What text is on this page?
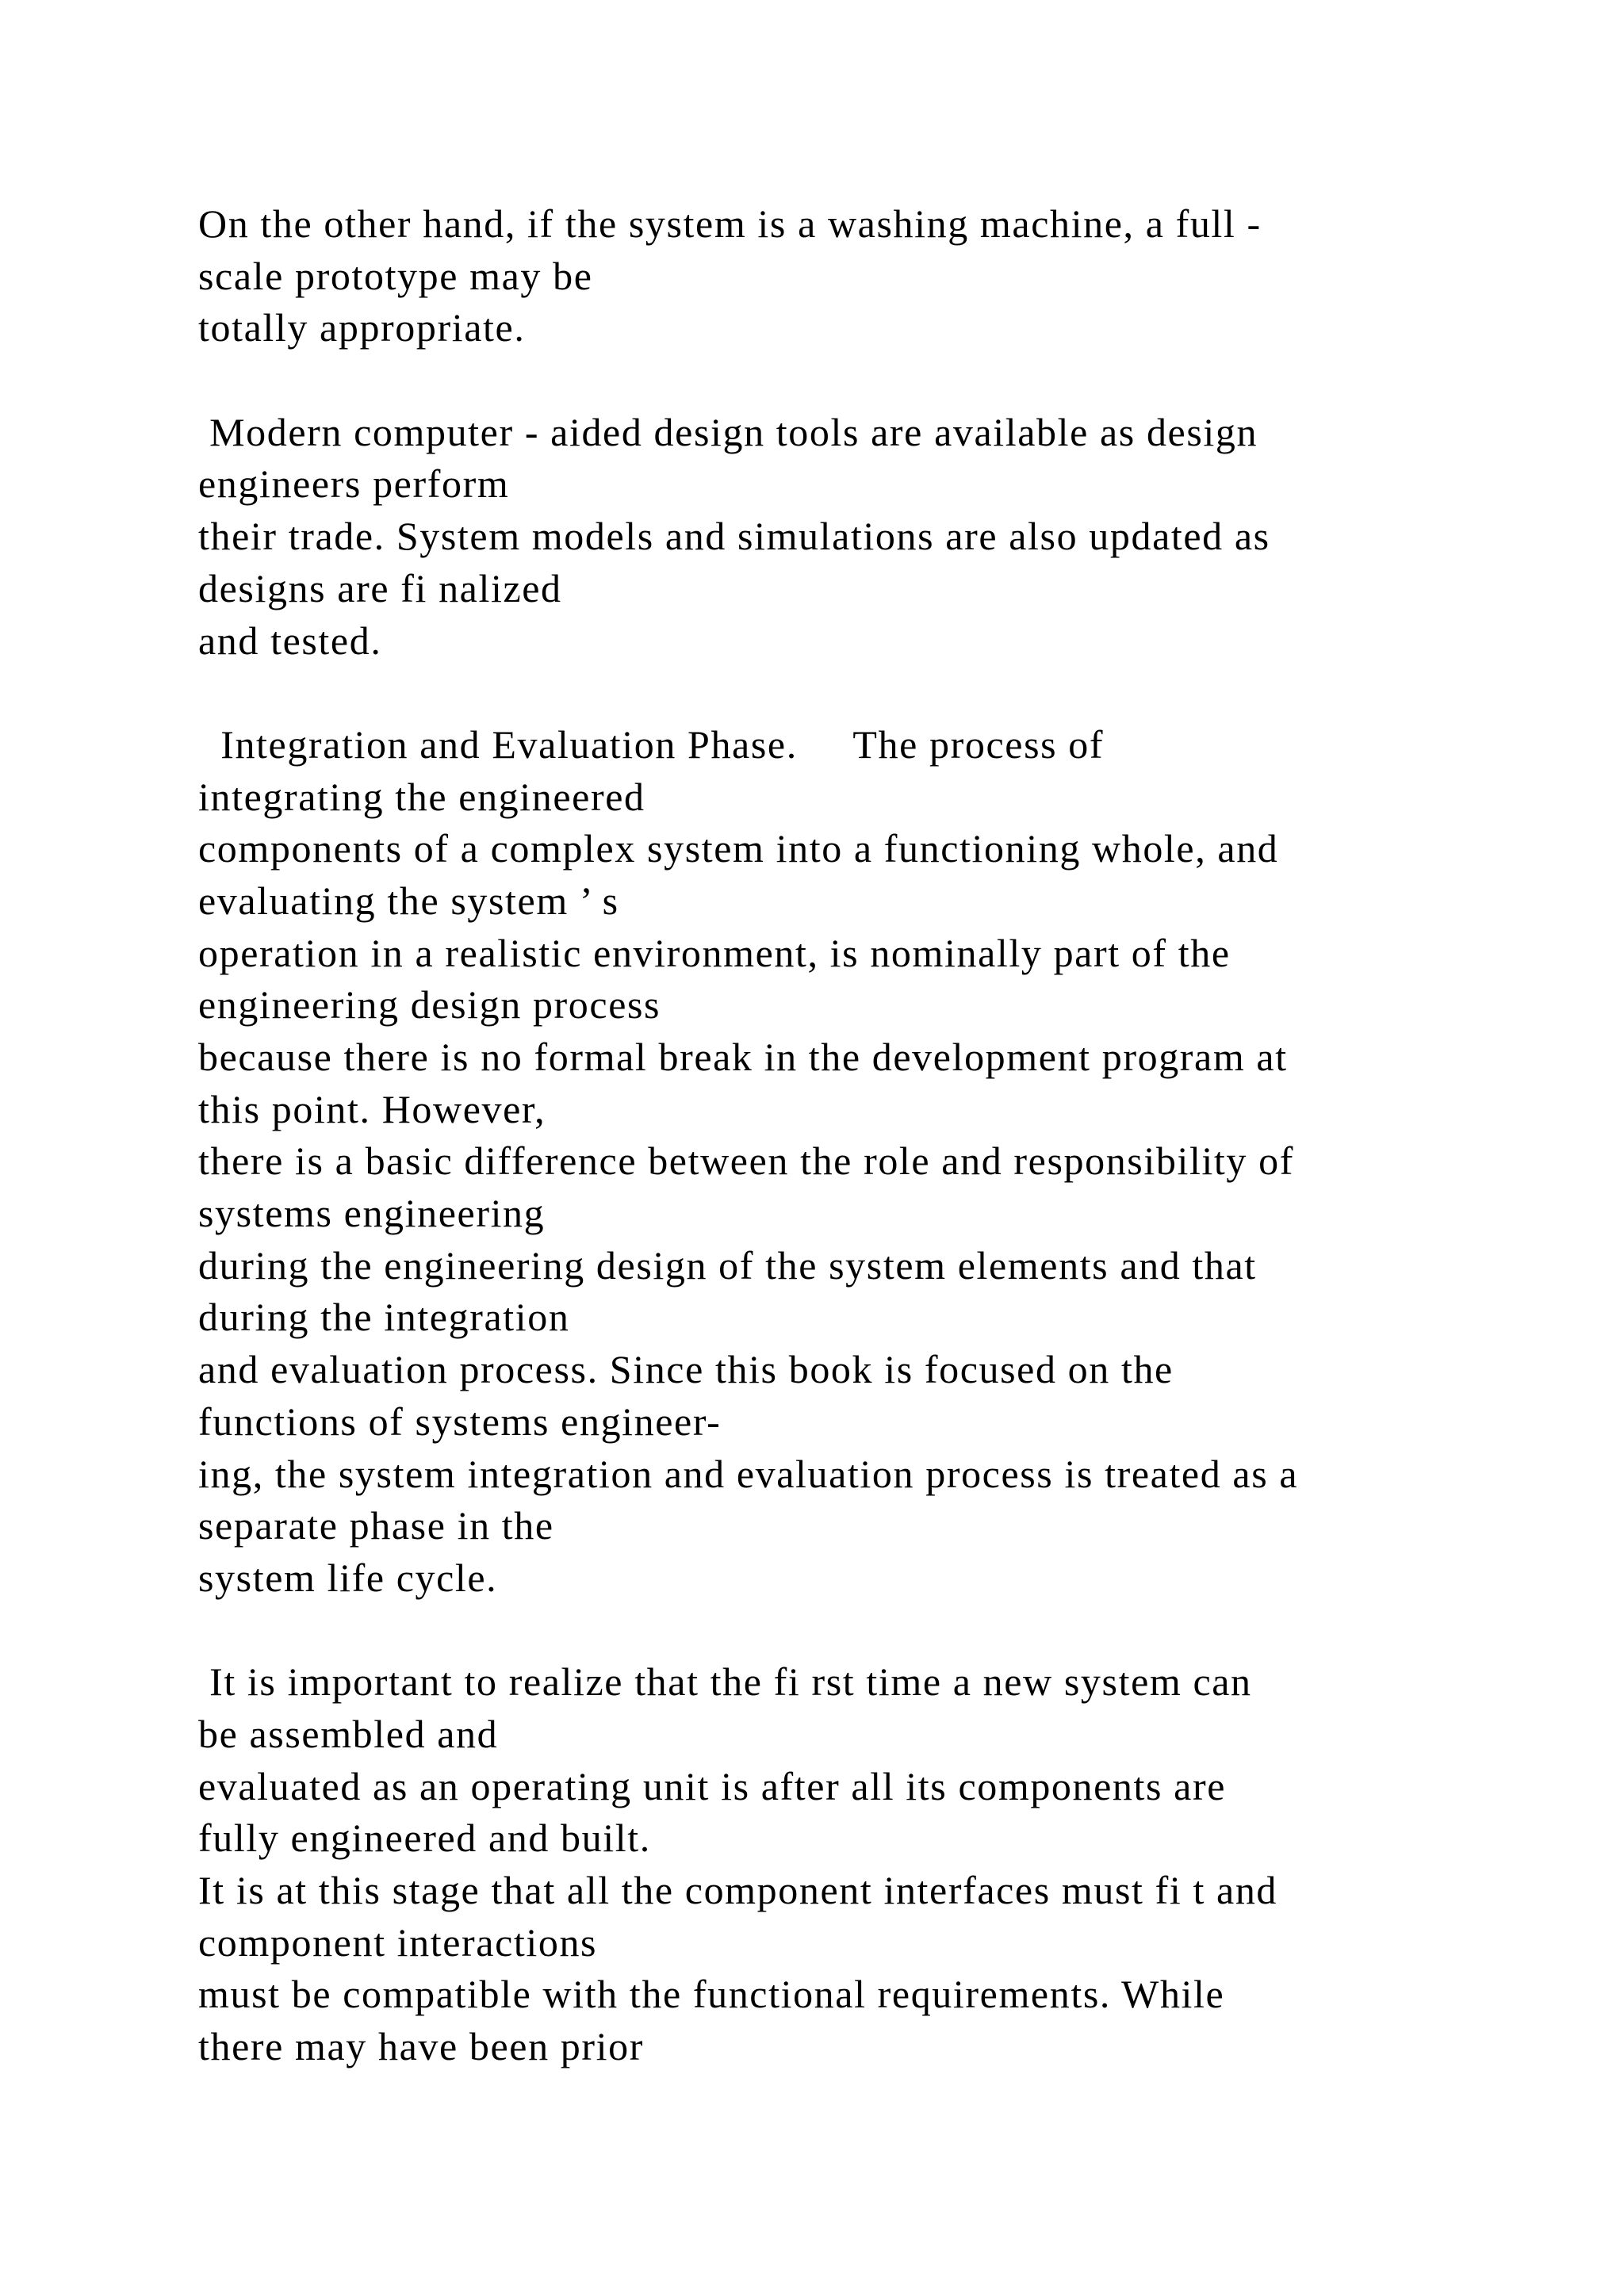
On the other hand, if the system is a washing machine, a full -
scale prototype may be
totally appropriate.
Modern computer - aided design tools are available as design
engineers perform
their trade. System models and simulations are also updated as
designs are fi nalized
and tested.
Integration and Evaluation Phase.     The process of
integrating the engineered
components of a complex system into a functioning whole, and
evaluating the system ’ s
operation in a realistic environment, is nominally part of the
engineering design process
because there is no formal break in the development program at
this point. However,
there is a basic difference between the role and responsibility of
systems engineering
during the engineering design of the system elements and that
during the integration
and evaluation process. Since this book is focused on the
functions of systems engineer-
ing, the system integration and evaluation process is treated as a
separate phase in the
system life cycle.
It is important to realize that the fi rst time a new system can
be assembled and
evaluated as an operating unit is after all its components are
fully engineered and built.
It is at this stage that all the component interfaces must fi t and
component interactions
must be compatible with the functional requirements. While
there may have been prior
